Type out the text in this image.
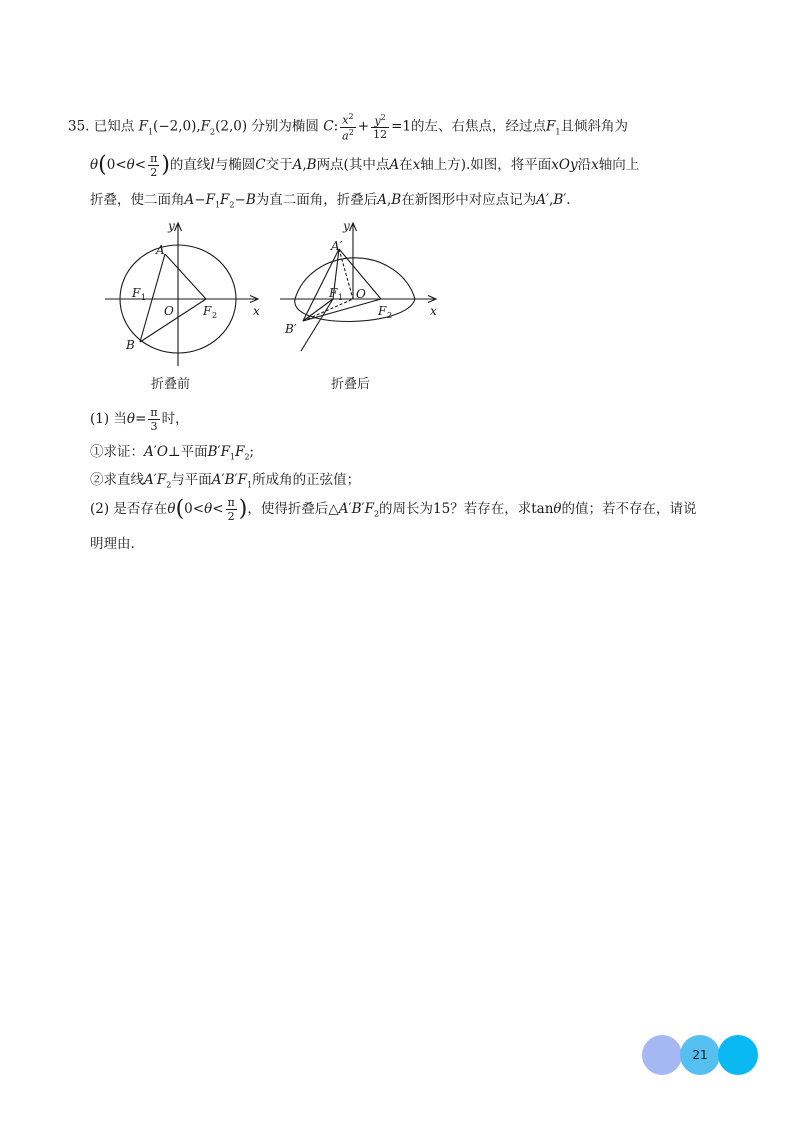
35. 已知点 $F_1(-2,0),F_2(2,0)$ 分别为椭圆 C: $\frac{x^2}{a^2} + \frac{y^2}{12} =1$的左、右焦点，经过点$F_1$且倾斜角为
$\theta(0<\theta< \frac{\pi}{2}$ )的直线l与椭圆C交于A,B两点(其中点A在x轴上方).如图，将平面xOy沿x轴向上
折叠，使二面角$A-F_1F_2-B$为直二面角，折叠后A,B在新图形中对应点记为A′,B′.
y
x
A
B
O
F 1
F 2
折叠前
y
x
A′
B′
O
F 1
F 2
折叠后
(1) 当$\theta= \frac{\pi}{3}$ 时，
①求证：A′O⊥平面$B'F_1F_2$;
②求直线$A'F_2$与平面$A'B'F_1$所成角的正弦值；
(2) 是否存在$\theta(0<\theta< \frac{\pi}{2}$ )，使得折叠后$\triangle A'B'F_2$的周长为15？若存在，求tanθ的值；若不存在，请说
明理由.
21
